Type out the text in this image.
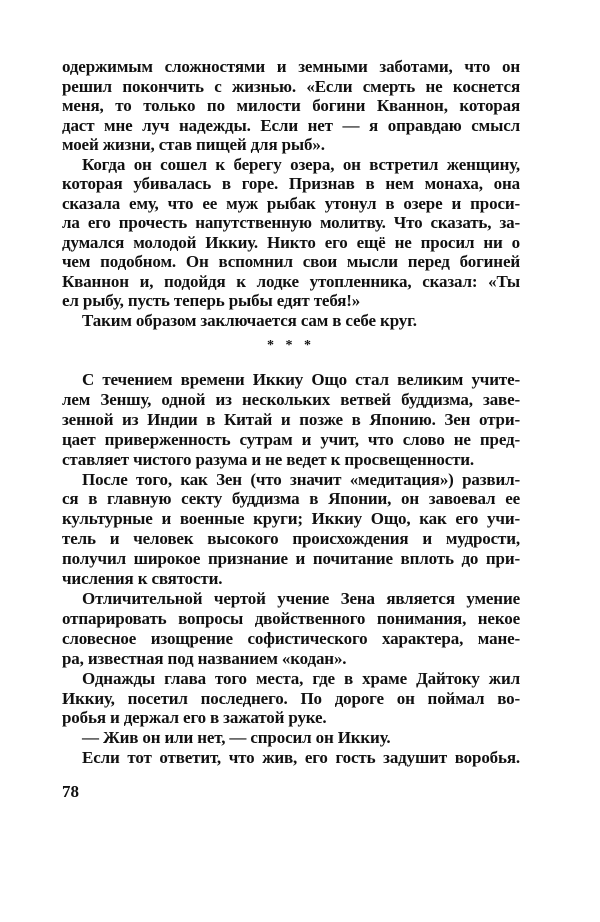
одержимым сложностями и земными заботами, что он
решил покончить с жизнью. «Если смерть не коснется
меня, то только по милости богини Кваннон, которая
даст мне луч надежды. Если нет — я оправдаю смысл
моей жизни, став пищей для рыб».
Когда он сошел к берегу озера, он встретил женщину,
которая убивалась в горе. Признав в нем монаха, она
сказала ему, что ее муж рыбак утонул в озере и проси-
ла его прочесть напутственную молитву. Что сказать, за-
думался молодой Иккиу. Никто его ещё не просил ни о
чем подобном. Он вспомнил свои мысли перед богиней
Кваннон и, подойдя к лодке утопленника, сказал: «Ты
ел рыбу, пусть теперь рыбы едят тебя!»
Таким образом заключается сам в себе круг.
* * *
С течением времени Иккиу Ощо стал великим учите-
лем Зеншу, одной из нескольких ветвей буддизма, заве-
зенной из Индии в Китай и позже в Японию. Зен отри-
цает приверженность сутрам и учит, что слово не пред-
ставляет чистого разума и не ведет к просвещенности.
После того, как Зен (что значит «медитация») развил-
ся в главную секту буддизма в Японии, он завоевал ее
культурные и военные круги; Иккиу Ощо, как его учи-
тель и человек высокого происхождения и мудрости,
получил широкое признание и почитание вплоть до при-
числения к святости.
Отличительной чертой учение Зена является умение
отпарировать вопросы двойственного понимания, некое
словесное изощрение софистического характера, мане-
ра, известная под названием «кодан».
Однажды глава того места, где в храме Дайтоку жил
Иккиу, посетил последнего. По дороге он поймал во-
робья и держал его в зажатой руке.
— Жив он или нет, — спросил он Иккиу.
Если тот ответит, что жив, его гость задушит воробья.
78
